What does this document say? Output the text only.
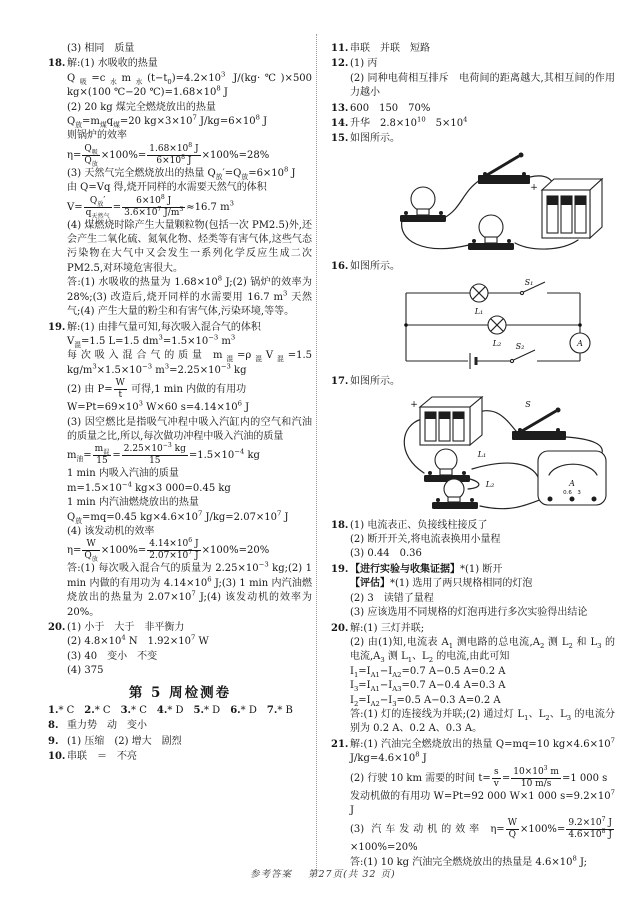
(3) 相同　质量
18. 解:(1) 水吸收的热量
$Q_吸=c_水m_水(t-t_0)=4.2\times 10^3$ J/(kg·℃)×500 kg×(100 ℃−20 $℃)=1.68\times 10^8$ J
(2) 20 kg 煤完全燃烧放出的热量
$Q_放=m_煤q_煤=20$ $kg\times 3\times 10^7$ $J/kg=6\times 10^8$ J
则锅炉的效率
$\eta= \frac{Q_吸}{Q_放} \times 100\%= \frac{1.68\times 10^8 J}{6\times 10^8 J} \times 100\%=28\%$
(3) 天然气完全燃烧放出的热量 $Q_放'=Q_放=6\times 10^8$ J
由 Q=Vq 得,烧开同样的水需要天然气的体积
$V= \frac{Q_放'}{q_{天然气}} = \frac{6\times 10^8 J}{3.6\times 10^7 J/m^3} \approx 16.7$ $m^3$
(4) 煤燃烧时除产生大量颗粒物(包括一次 PM2.5)外,还会产生二氧化硫、氮氧化物、烃类等有害气体,这些气态污染物在大气中又会发生一系列化学反应生成二次 PM2.5,对环境危害很大。
答:(1) 水吸收的热量为 $1.68\times 10^8$ J;(2) 锅炉的效率为 28%;(3) 改造后,烧开同样的水需要用 16.7 $m^3$ 天然气;(4) 产生大量的粉尘和有害气体,污染环境,等等。
19. 解:(1) 由排气量可知,每次吸入混合气的体积
$V_混=1.5$ L=1.5 $dm^3=1.5\times 10^{-3}$ $m^3$
每次吸入混合气的质量 $m_混=\rho_混V_混=1.5$ $kg/m^3\times 1.5\times 10^{-3}$ $m^3=2.25\times 10^{-3}$ kg
(2) 由 $P= \frac{W}{t}$ 可得,1 min 内做的有用功
$W=Pt=69\times 10^3$ W×60 $s=4.14\times 10^6$ J
(3) 因空燃比是指吸气冲程中吸入汽缸内的空气和汽油的质量之比,所以,每次做功冲程中吸入汽油的质量
$m_油= \frac{m_混}{15} = \frac{2.25\times 10^{-3} kg}{15} =1.5\times 10^{-4}$ kg
1 min 内吸入汽油的质量
$m=1.5\times 10^{-4}$ kg×3 000=0.45 kg
1 min 内汽油燃烧放出的热量
$Q_放=mq=0.45$ $kg\times 4.6\times 10^7$ $J/kg=2.07\times 10^7$ J
(4) 该发动机的效率
$\eta= \frac{W}{Q_放} \times 100\%= \frac{4.14\times 10^6 J}{2.07\times 10^7 J} \times 100\%=20\%$
答:(1) 每次吸入混合气的质量为 $2.25\times 10^{-3}$ kg;(2) 1 min 内做的有用功为 $4.14\times 10^6$ J;(3) 1 min 内汽油燃烧放出的热量为 $2.07\times 10^7$ J;(4) 该发动机的效率为 20%。
20. (1) 小于　大于　非平衡力
(2) $4.8\times 10^4$ N　$1.92\times 10^7$ W
(3) 40　变小　不变
(4) 375
第 5 周检测卷
1.* C　2.* C　3.* C　4.* D　5.* D　6.* D　7.* B
8. 重力势　动　变小
9. (1) 压缩　(2) 增大　剧烈
10. 串联　＝　不亮
11. 串联　并联　短路
12. (1) 丙
(2) 同种电荷相互排斥　电荷间的距离越大,其相互间的作用力越小
13. 600　150　70%
14. 升华　$2.8\times 10^{10}$　$5\times 10^4$
15. 如图所示。
+
16. 如图所示。
L₁
L₂
S₁
S₂	A
17. 如图所示。
+	S
L₁
L₂	A
0.6　3
18. (1) 电流表正、负接线柱接反了
(2) 断开开关,将电流表换用小量程
(3) 0.44　0.36
19. 【进行实验与收集证据】*(1) 断开
【评估】*(1) 选用了两只规格相同的灯泡
(2) 3　读错了量程
(3) 应该选用不同规格的灯泡再进行多次实验得出结论
20. 解:(1) 三灯并联;
(2) 由(1)知,电流表 $A_1$ 测电路的总电流$,A_2$ 测 $L_2$ 和 $L_3$ 的电流$,A_3$ 测 $L_1$、$L_2$ 的电流,由此可知
$I_1=I_{A1}-I_{A2}=0.7$ A−0.5 A=0.2 A
$I_3=I_{A1}-I_{A3}=0.7$ A−0.4 A=0.3 A
$I_2=I_{A2}-I_3=0.5$ A−0.3 A=0.2 A
答:(1) 灯的连接线为并联;(2) 通过灯 $L_1$、$L_2$、$L_3$ 的电流分别为 0.2 A、0.2 A、0.3 A。
21. 解:(1) 汽油完全燃烧放出的热量 Q=mq=10 $kg\times 4.6\times 10^7$ $J/kg=4.6\times 10^8$ J
(2) 行驶 10 km 需要的时间 $t= \frac{s}{v} = \frac{10\times 10^3 m}{10 m/s} =1$ 000 s
发动机做的有用功 W=Pt=92 000 W×1 000 $s=9.2\times 10^7$ J
(3) 汽车发动机的效率 $\eta= \frac{W}{Q} \times 100\%= \frac{9.2\times 10^7 J}{4.6\times 10^8 J}$
×100%=20%
答:(1) 10 kg 汽油完全燃烧放出的热量是 $4.6\times 10^8$ J;
参考答案 第27页(共 32 页)
